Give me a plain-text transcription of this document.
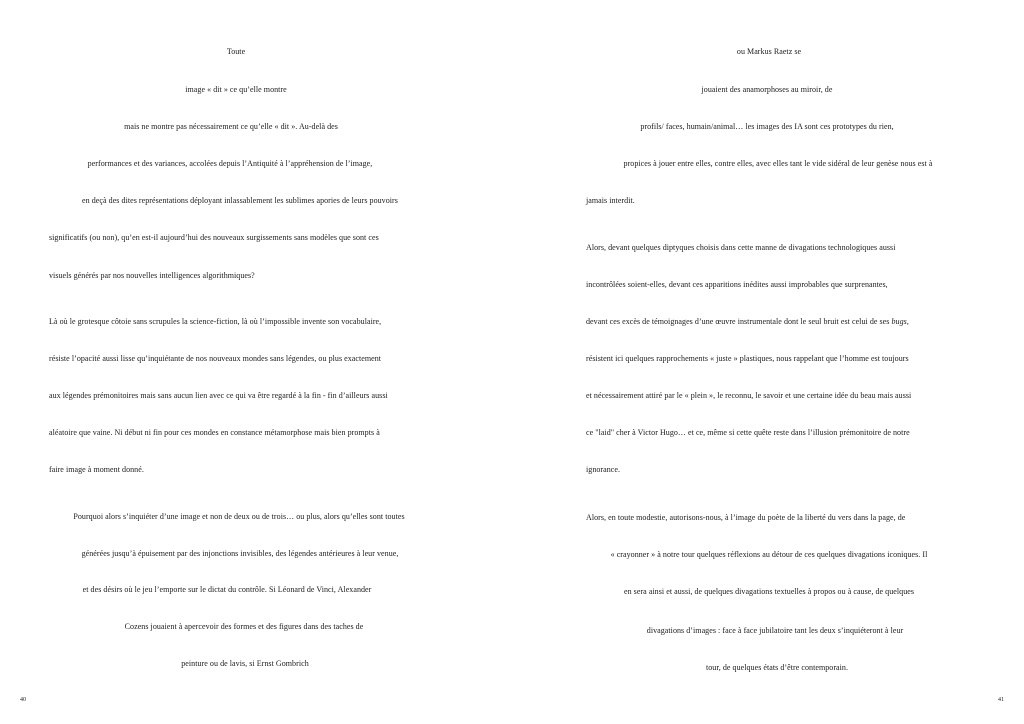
Toute
image « dit » ce qu’elle montre
mais ne montre pas nécessairement ce qu’elle « dit ». Au-delà des
performances et des variances, accolées depuis l’Antiquité à l’appréhension de l’image,
en deçà des dites représentations déployant inlassablement les sublimes apories de leurs pouvoirs
significatifs (ou non), qu’en est-il aujourd’hui des nouveaux surgissements sans modèles que sont ces
visuels générés par nos nouvelles intelligences algorithmiques?
Là où le grotesque côtoie sans scrupules la science-fiction, là où l’impossible invente son vocabulaire,
résiste l’opacité aussi lisse qu’inquiétante de nos nouveaux mondes sans légendes, ou plus exactement
aux légendes prémonitoires mais sans aucun lien avec ce qui va être regardé à la fin - fin d’ailleurs aussi
aléatoire que vaine. Ni début ni fin pour ces mondes en constance métamorphose mais bien prompts à
faire image à moment donné.
Pourquoi alors s’inquiéter d’une image et non de deux ou de trois… ou plus, alors qu’elles sont toutes
générées jusqu’à épuisement par des injonctions invisibles, des légendes antérieures à leur venue,
et des désirs où le jeu l’emporte sur le dictat du contrôle. Si Léonard de Vinci, Alexander
Cozens jouaient à apercevoir des formes et des figures dans des taches de
peinture ou de lavis, si Ernst Gombrich
40
ou Markus Raetz se
jouaient des anamorphoses au miroir, de
profils/ faces, humain/animal… les images des IA sont ces prototypes du rien,
propices à jouer entre elles, contre elles, avec elles tant le vide sidéral de leur genèse nous est à
jamais interdit.
Alors, devant quelques diptyques choisis dans cette manne de divagations technologiques aussi
incontrôlées soient-elles, devant ces apparitions inédites aussi improbables que surprenantes,
devant ces excès de témoignages d’une œuvre instrumentale dont le seul bruit est celui de ses bugs,
résistent ici quelques rapprochements « juste » plastiques, nous rappelant que l’homme est toujours
et nécessairement attiré par le « plein », le reconnu, le savoir et une certaine idée du beau mais aussi
ce "laid" cher à Victor Hugo… et ce, même si cette quête reste dans l’illusion prémonitoire de notre
ignorance.
Alors, en toute modestie, autorisons-nous, à l’image du poète de la liberté du vers dans la page, de
« crayonner » à notre tour quelques réflexions au détour de ces quelques divagations iconiques. Il
en sera ainsi et aussi, de quelques divagations textuelles à propos ou à cause, de quelques
divagations d’images : face à face jubilatoire tant les deux s’inquiéteront à leur
tour, de quelques états d’être contemporain.
41
